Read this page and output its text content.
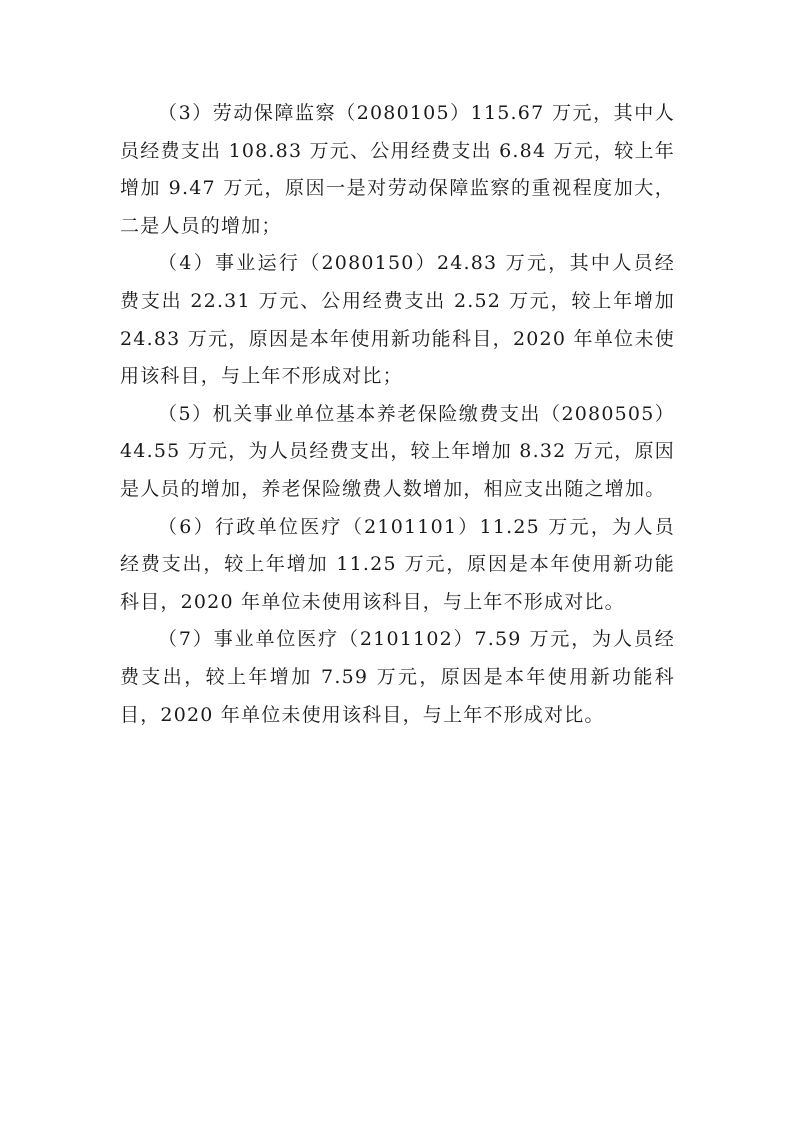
（3）劳动保障监察（2080105）115.67 万元，其中人员经费支出 108.83 万元、公用经费支出 6.84 万元，较上年增加 9.47 万元，原因一是对劳动保障监察的重视程度加大，二是人员的增加；

（4）事业运行（2080150）24.83 万元，其中人员经费支出 22.31 万元、公用经费支出 2.52 万元，较上年增加 24.83 万元，原因是本年使用新功能科目，2020 年单位未使用该科目，与上年不形成对比；

（5）机关事业单位基本养老保险缴费支出（2080505）44.55 万元，为人员经费支出，较上年增加 8.32 万元，原因是人员的增加，养老保险缴费人数增加，相应支出随之增加。

（6）行政单位医疗（2101101）11.25 万元，为人员经费支出，较上年增加 11.25 万元，原因是本年使用新功能科目，2020 年单位未使用该科目，与上年不形成对比。

（7）事业单位医疗（2101102）7.59 万元，为人员经费支出，较上年增加 7.59 万元，原因是本年使用新功能科目，2020 年单位未使用该科目，与上年不形成对比。
